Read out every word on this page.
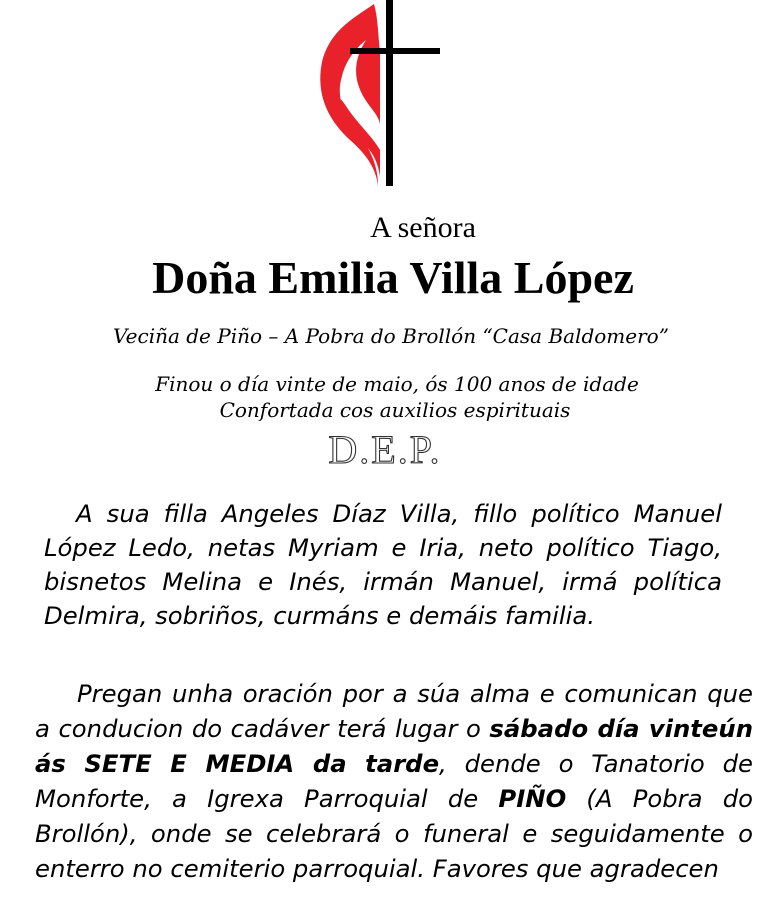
A señora
Doña Emilia Villa López
Veciña de Piño – A Pobra do Brollón “Casa Baldomero”
Finou o día vinte de maio, ós 100 anos de idade
Confortada cos auxilios espirituais
D.E.P.
A sua filla Angeles Díaz Villa, fillo político Manuel
López Ledo, netas Myriam e Iria, neto político Tiago,
bisnetos Melina e Inés, irmán Manuel, irmá política
Delmira, sobriños, curmáns e demáis familia.
Pregan unha oración por a súa alma e comunican que
a conducion do cadáver terá lugar o sábado día vinteún
ás SETE E MEDIA da tarde, dende o Tanatorio de
Monforte, a Igrexa Parroquial de PIÑO (A Pobra do
Brollón), onde se celebrará o funeral e seguidamente o
enterro no cemiterio parroquial. Favores que agradecen
